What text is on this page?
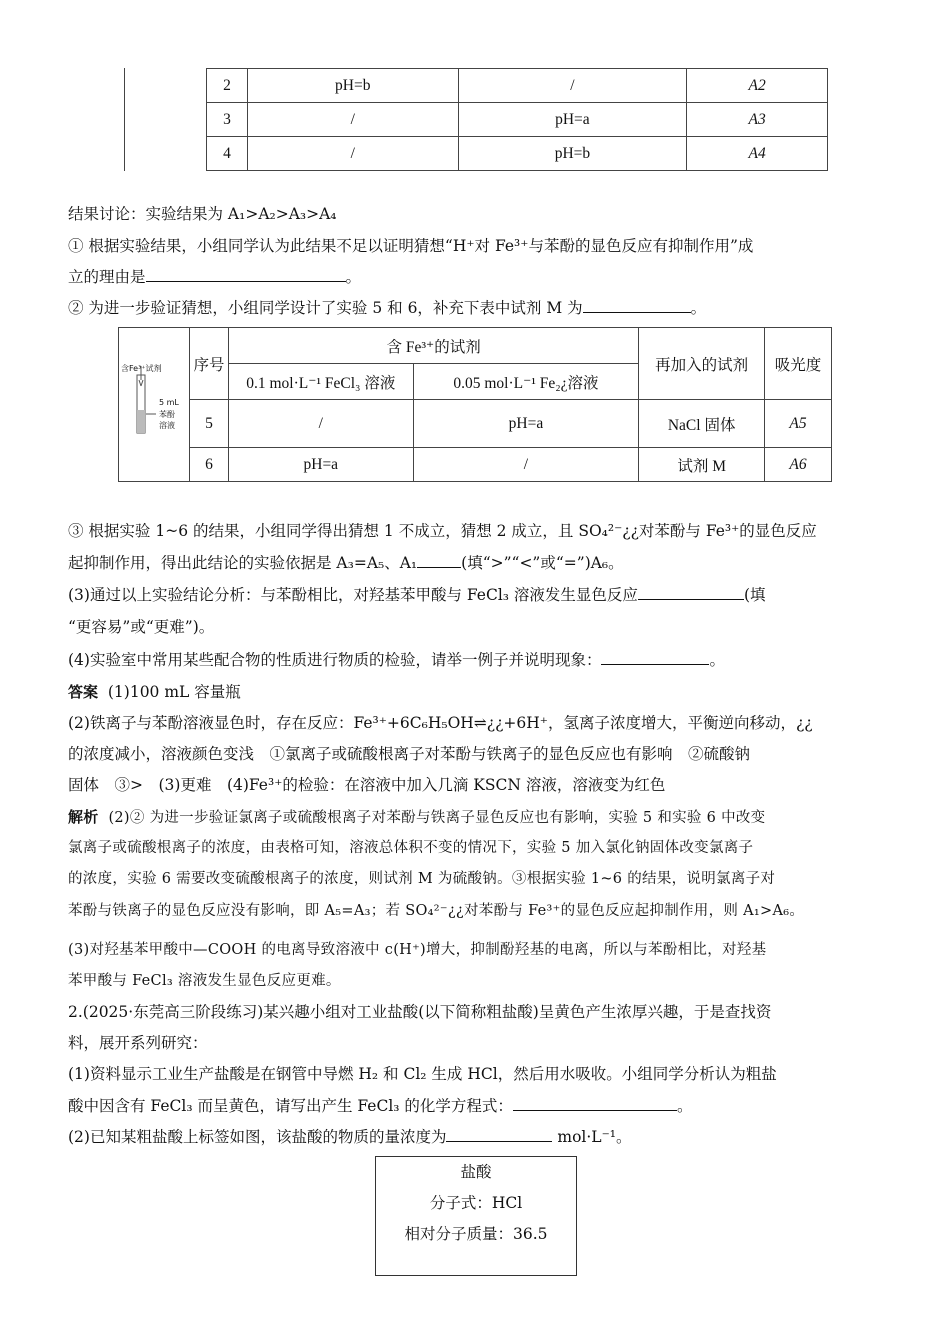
2	pH=b	/	A2
3	/	pH=a	A3
4	/	pH=b	A4
结果讨论：实验结果为 A₁>A₂>A₃>A₄
① 根据实验结果，小组同学认为此结果不足以证明猜想“H⁺对 Fe³⁺与苯酚的显色反应有抑制作用”成
立的理由是	。
② 为进一步验证猜想，小组同学设计了实验 5 和 6，补充下表中试剂 M 为	。
含Fe³⁺试剂
5 mL
苯酚
溶液	序号	含 Fe³⁺的试剂		再加入的试剂	吸光度
		0.1 mol·L⁻¹ FeCl₃ 溶液	0.05 mol·L⁻¹ Fe₂¿溶液		
	5	/	pH=a	NaCl 固体	A5
	6	pH=a	/	试剂 M	A6
③ 根据实验 1~6 的结果，小组同学得出猜想 1 不成立，猜想 2 成立，且 SO₄²⁻¿¿对苯酚与 Fe³⁺的显色反应
起抑制作用，得出此结论的实验依据是 A₃=A₅、A₁	(填“>”“<”或“=”)A₆。
(3)通过以上实验结论分析：与苯酚相比，对羟基苯甲酸与 FeCl₃ 溶液发生显色反应	(填
“更容易”或“更难”)。
(4)实验室中常用某些配合物的性质进行物质的检验，请举一例子并说明现象：	。
答案 (1)100 mL 容量瓶
(2)铁离子与苯酚溶液显色时，存在反应：Fe³⁺+6C₆H₅OH⇌¿¿+6H⁺，氢离子浓度增大，平衡逆向移动，¿¿
的浓度减小，溶液颜色变浅　①氯离子或硫酸根离子对苯酚与铁离子的显色反应也有影响　②硫酸钠
固体　③>　(3)更难　(4)Fe³⁺的检验：在溶液中加入几滴 KSCN 溶液，溶液变为红色
解析 (2)② 为进一步验证氯离子或硫酸根离子对苯酚与铁离子显色反应也有影响，实验 5 和实验 6 中改变
氯离子或硫酸根离子的浓度，由表格可知，溶液总体积不变的情况下，实验 5 加入氯化钠固体改变氯离子
的浓度，实验 6 需要改变硫酸根离子的浓度，则试剂 M 为硫酸钠。③根据实验 1~6 的结果，说明氯离子对
苯酚与铁离子的显色反应没有影响，即 A₅=A₃；若 SO₄²⁻¿¿对苯酚与 Fe³⁺的显色反应起抑制作用，则 A₁>A₆。
(3)对羟基苯甲酸中—COOH 的电离导致溶液中 c(H⁺)增大，抑制酚羟基的电离，所以与苯酚相比，对羟基
苯甲酸与 FeCl₃ 溶液发生显色反应更难。
2.(2025·东莞高三阶段练习)某兴趣小组对工业盐酸(以下简称粗盐酸)呈黄色产生浓厚兴趣，于是查找资
料，展开系列研究：
(1)资料显示工业生产盐酸是在钢管中导燃 H₂ 和 Cl₂ 生成 HCl，然后用水吸收。小组同学分析认为粗盐
酸中因含有 FeCl₃ 而呈黄色，请写出产生 FeCl₃ 的化学方程式：	。
(2)已知某粗盐酸上标签如图，该盐酸的物质的量浓度为	mol·L⁻¹。
盐酸
分子式：HCl
相对分子质量：36.5
